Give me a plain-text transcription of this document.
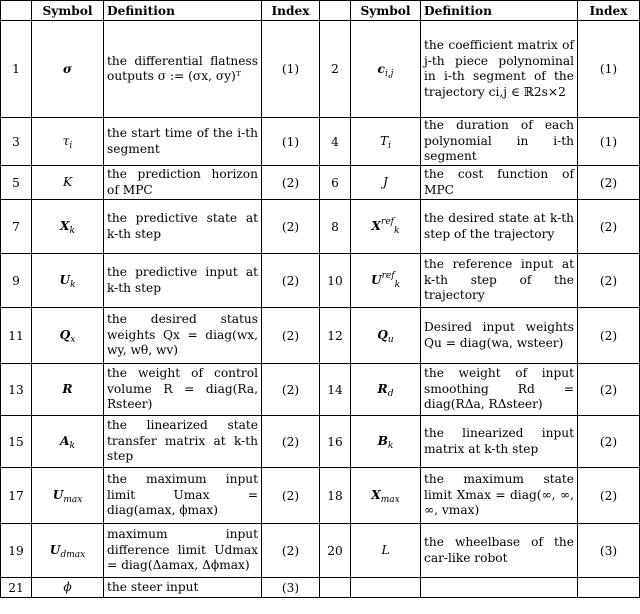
	Symbol	Definition	Index		Symbol	Definition	Index
1	σ	the differential flatness outputs σ := (σx, σy)ᵀ	(1)	2	$c_{i,j}$	the coefficient matrix of j-th piece polynominal in i-th segment of the trajectory ci,j ∈ ℝ2s×2	(1)
3	$\tau_i$	the start time of the i-th segment	(1)	4	$T_i$	the duration of each polynomial in i-th segment	(1)
5	K	the prediction horizon of MPC	(2)	6	J	the cost function of MPC	(2)
7	$X_k$	the predictive state at k-th step	(2)	8	$X^{ref}_k$	the desired state at k-th step of the trajectory	(2)
9	$U_k$	the predictive input at k-th step	(2)	10	$U^{ref}_k$	the reference input at k-th step of the trajectory	(2)
11	$Q_x$	the desired status weights Qx = diag(wx, wy, wθ, wv)	(2)	12	$Q_u$	Desired input weights Qu = diag(wa, wsteer)	(2)
13	R	the weight of control volume R = diag(Ra, Rsteer)	(2)	14	$R_d$	the weight of input smoothing Rd = diag(RΔa, RΔsteer)	(2)
15	$A_k$	the linearized state transfer matrix at k-th step	(2)	16	$B_k$	the linearized input matrix at k-th step	(2)
17	$U_{max}$	the maximum input limit Umax = diag(amax, ϕmax)	(2)	18	$X_{max}$	the maximum state limit Xmax = diag(∞, ∞, ∞, vmax)	(2)
19	$U_{dmax}$	maximum input difference limit Udmax = diag(Δamax, Δϕmax)	(2)	20	L	the wheelbase of the car-like robot	(3)
21	ϕ	the steer input	(3)				
